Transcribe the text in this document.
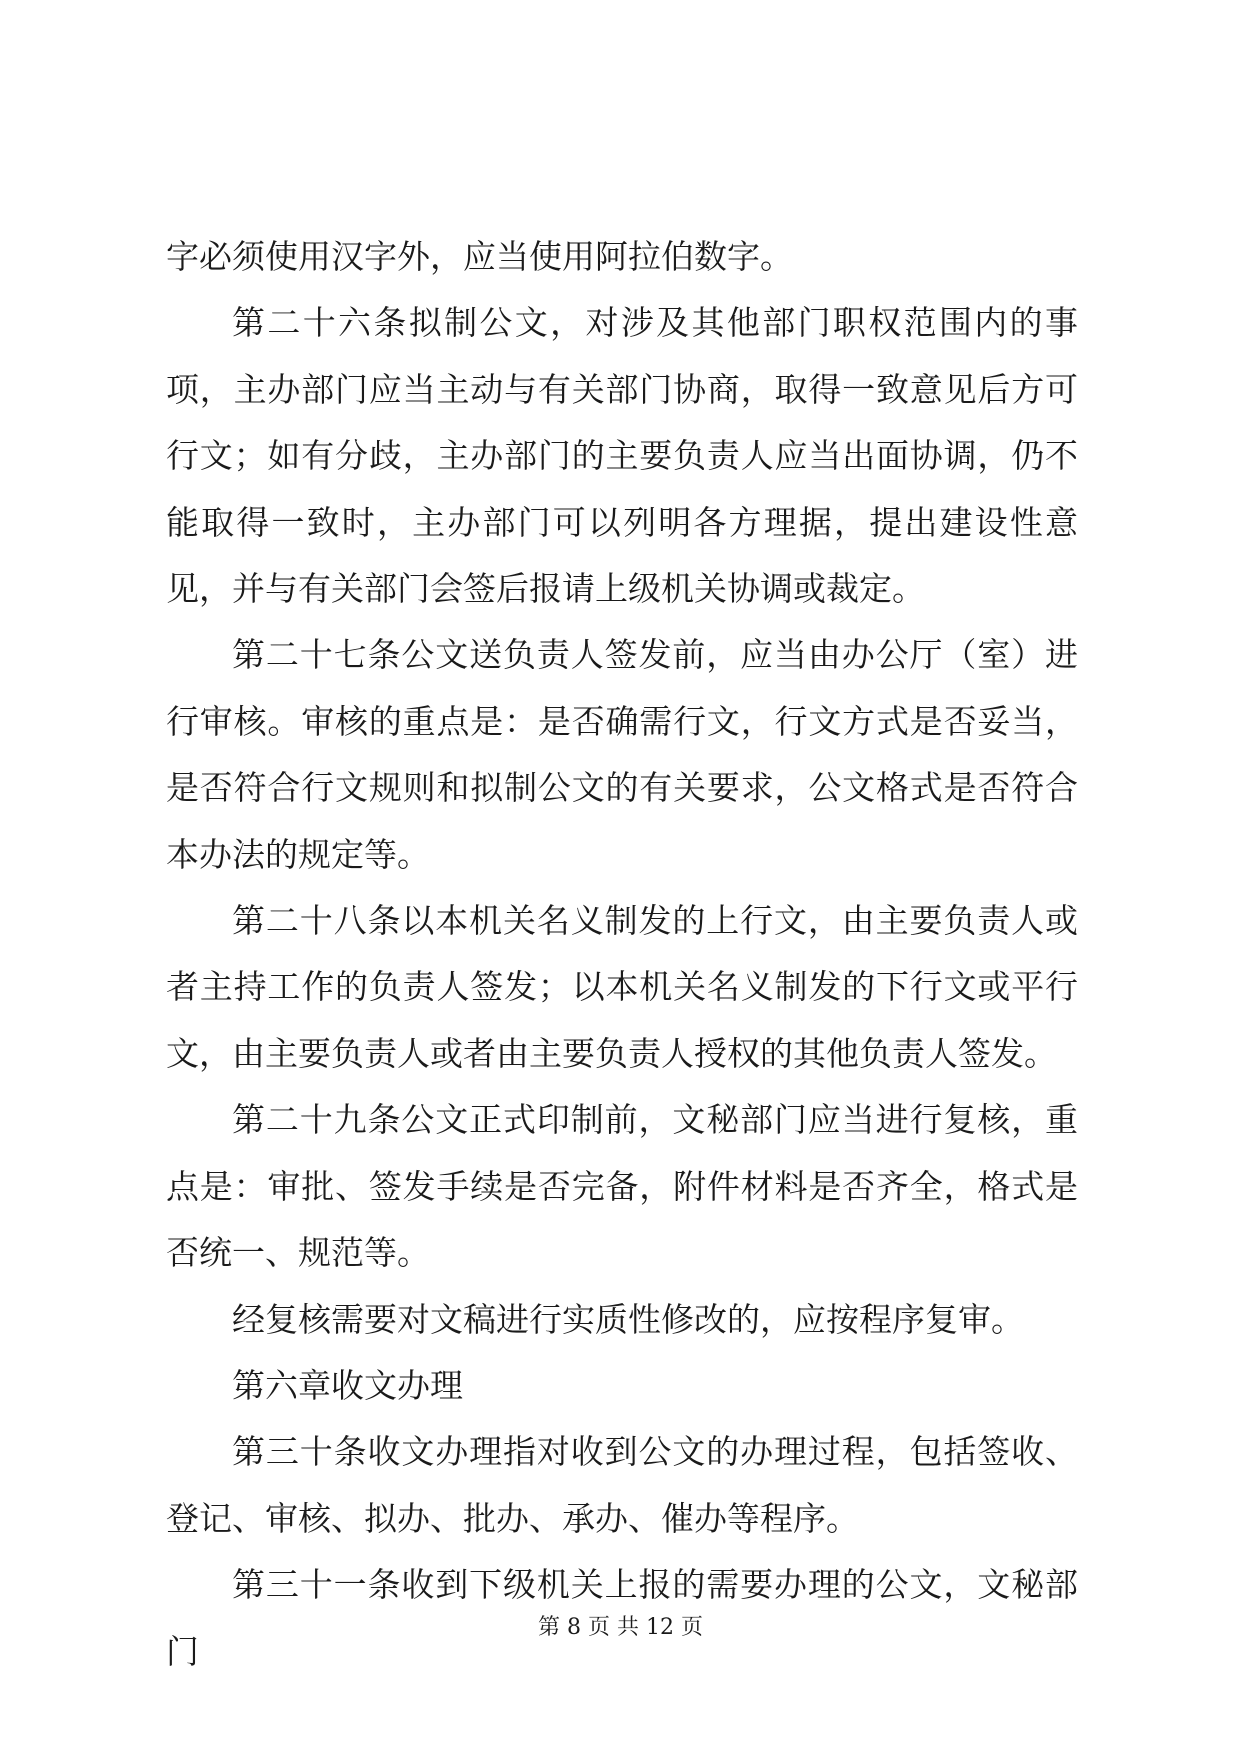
字必须使用汉字外，应当使用阿拉伯数字。

第二十六条拟制公文，对涉及其他部门职权范围内的事项，主办部门应当主动与有关部门协商，取得一致意见后方可行文；如有分歧，主办部门的主要负责人应当出面协调，仍不能取得一致时，主办部门可以列明各方理据，提出建设性意见，并与有关部门会签后报请上级机关协调或裁定。

第二十七条公文送负责人签发前，应当由办公厅（室）进行审核。审核的重点是：是否确需行文，行文方式是否妥当，是否符合行文规则和拟制公文的有关要求，公文格式是否符合本办法的规定等。

第二十八条以本机关名义制发的上行文，由主要负责人或者主持工作的负责人签发；以本机关名义制发的下行文或平行文，由主要负责人或者由主要负责人授权的其他负责人签发。

第二十九条公文正式印制前，文秘部门应当进行复核，重点是：审批、签发手续是否完备，附件材料是否齐全，格式是否统一、规范等。

经复核需要对文稿进行实质性修改的，应按程序复审。

第六章收文办理

第三十条收文办理指对收到公文的办理过程，包括签收、登记、审核、拟办、批办、承办、催办等程序。

第三十一条收到下级机关上报的需要办理的公文，文秘部门

第 8 页 共 12 页
